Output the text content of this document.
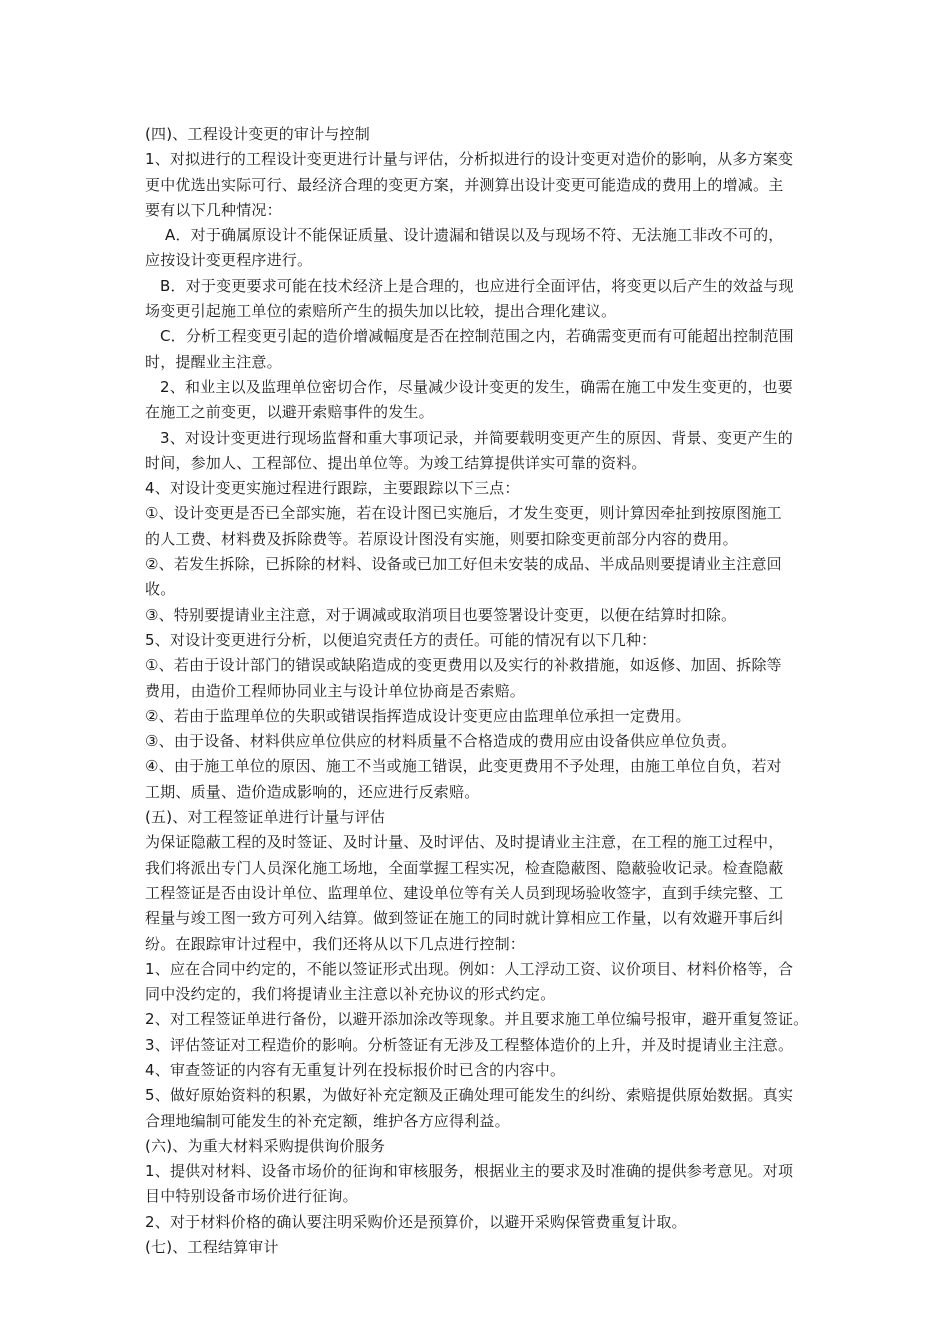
(四)、工程设计变更的审计与控制
1、对拟进行的工程设计变更进行计量与评估，分析拟进行的设计变更对造价的影响，从多方案变
更中优选出实际可行、最经济合理的变更方案，并测算出设计变更可能造成的费用上的增减。主
要有以下几种情况：
A．对于确属原设计不能保证质量、设计遗漏和错误以及与现场不符、无法施工非改不可的，
应按设计变更程序进行。
B．对于变更要求可能在技术经济上是合理的，也应进行全面评估，将变更以后产生的效益与现
场变更引起施工单位的索赔所产生的损失加以比较，提出合理化建议。
C．分析工程变更引起的造价增减幅度是否在控制范围之内，若确需变更而有可能超出控制范围
时，提醒业主注意。
2、和业主以及监理单位密切合作，尽量减少设计变更的发生，确需在施工中发生变更的，也要
在施工之前变更，以避开索赔事件的发生。
3、对设计变更进行现场监督和重大事项记录，并简要载明变更产生的原因、背景、变更产生的
时间，参加人、工程部位、提出单位等。为竣工结算提供详实可靠的资料。
4、对设计变更实施过程进行跟踪，主要跟踪以下三点：
①、设计变更是否已全部实施，若在设计图已实施后，才发生变更，则计算因牵扯到按原图施工
的人工费、材料费及拆除费等。若原设计图没有实施，则要扣除变更前部分内容的费用。
②、若发生拆除，已拆除的材料、设备或已加工好但未安装的成品、半成品则要提请业主注意回
收。
③、特别要提请业主注意，对于调减或取消项目也要签署设计变更，以便在结算时扣除。
5、对设计变更进行分析，以便追究责任方的责任。可能的情况有以下几种：
①、若由于设计部门的错误或缺陷造成的变更费用以及实行的补救措施，如返修、加固、拆除等
费用，由造价工程师协同业主与设计单位协商是否索赔。
②、若由于监理单位的失职或错误指挥造成设计变更应由监理单位承担一定费用。
③、由于设备、材料供应单位供应的材料质量不合格造成的费用应由设备供应单位负责。
④、由于施工单位的原因、施工不当或施工错误，此变更费用不予处理，由施工单位自负，若对
工期、质量、造价造成影响的，还应进行反索赔。
(五)、对工程签证单进行计量与评估
为保证隐蔽工程的及时签证、及时计量、及时评估、及时提请业主注意，在工程的施工过程中，
我们将派出专门人员深化施工场地，全面掌握工程实况，检查隐蔽图、隐蔽验收记录。检查隐蔽
工程签证是否由设计单位、监理单位、建设单位等有关人员到现场验收签字，直到手续完整、工
程量与竣工图一致方可列入结算。做到签证在施工的同时就计算相应工作量，以有效避开事后纠
纷。在跟踪审计过程中，我们还将从以下几点进行控制：
1、应在合同中约定的，不能以签证形式出现。例如：人工浮动工资、议价项目、材料价格等，合
同中没约定的，我们将提请业主注意以补充协议的形式约定。
2、对工程签证单进行备份，以避开添加涂改等现象。并且要求施工单位编号报审，避开重复签证。
3、评估签证对工程造价的影响。分析签证有无涉及工程整体造价的上升，并及时提请业主注意。
4、审查签证的内容有无重复计列在投标报价时已含的内容中。
5、做好原始资料的积累，为做好补充定额及正确处理可能发生的纠纷、索赔提供原始数据。真实
合理地编制可能发生的补充定额，维护各方应得利益。
(六)、为重大材料采购提供询价服务
1、提供对材料、设备市场价的征询和审核服务，根据业主的要求及时准确的提供参考意见。对项
目中特别设备市场价进行征询。
2、对于材料价格的确认要注明采购价还是预算价，以避开采购保管费重复计取。
(七)、工程结算审计
